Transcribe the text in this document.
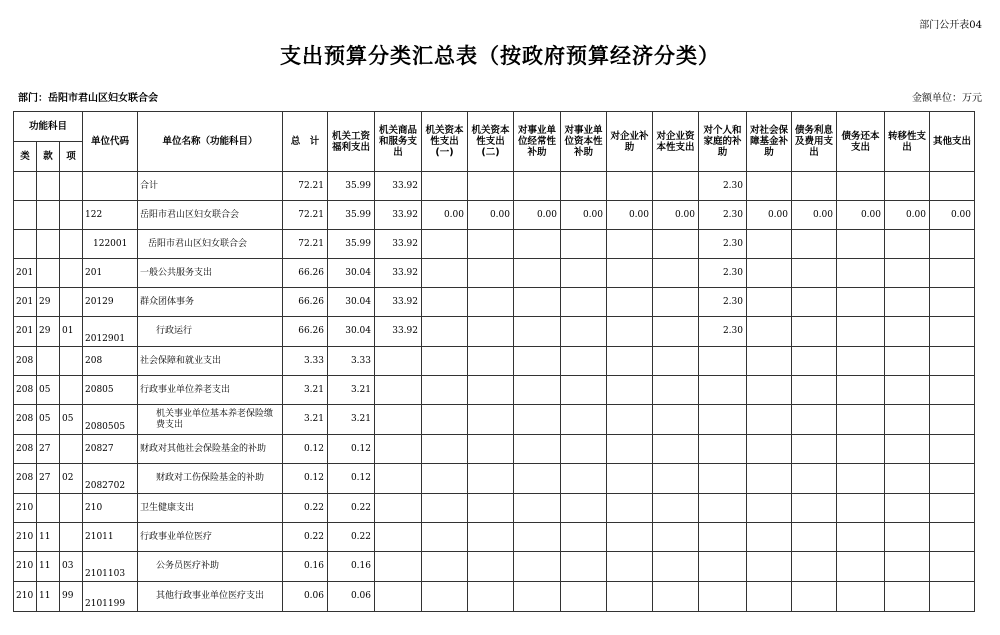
部门公开表04
支出预算分类汇总表（按政府预算经济分类）
部门：岳阳市君山区妇女联合会	金额单位：万元
功能科目			单位代码	单位名称（功能科目）	总　计	机关工资福利支出	机关商品和服务支出	机关资本性支出(一)	机关资本性支出(二)	对事业单位经常性补助	对事业单位资本性补助	对企业补助	对企业资本性支出	对个人和家庭的补助	对社会保障基金补助	债务利息及费用支出	债务还本支出	转移性支出	其他支出
类	款	项																	
				合计	72.21	35.99	33.92							2.30					
			122	岳阳市君山区妇女联合会	72.21	35.99	33.92	0.00	0.00	0.00	0.00	0.00	0.00	2.30	0.00	0.00	0.00	0.00	0.00
			122001	岳阳市君山区妇女联合会	72.21	35.99	33.92							2.30					
201			201	一般公共服务支出	66.26	30.04	33.92							2.30					
201	29		20129	群众团体事务	66.26	30.04	33.92							2.30					
201	29	01	2012901	行政运行	66.26	30.04	33.92							2.30					
208			208	社会保障和就业支出	3.33	3.33													
208	05		20805	行政事业单位养老支出	3.21	3.21													
208	05	05	2080505	机关事业单位基本养老保险缴费支出	3.21	3.21													
208	27		20827	财政对其他社会保险基金的补助	0.12	0.12													
208	27	02	2082702	财政对工伤保险基金的补助	0.12	0.12													
210			210	卫生健康支出	0.22	0.22													
210	11		21011	行政事业单位医疗	0.22	0.22													
210	11	03	2101103	公务员医疗补助	0.16	0.16													
210	11	99	2101199	其他行政事业单位医疗支出	0.06	0.06													
